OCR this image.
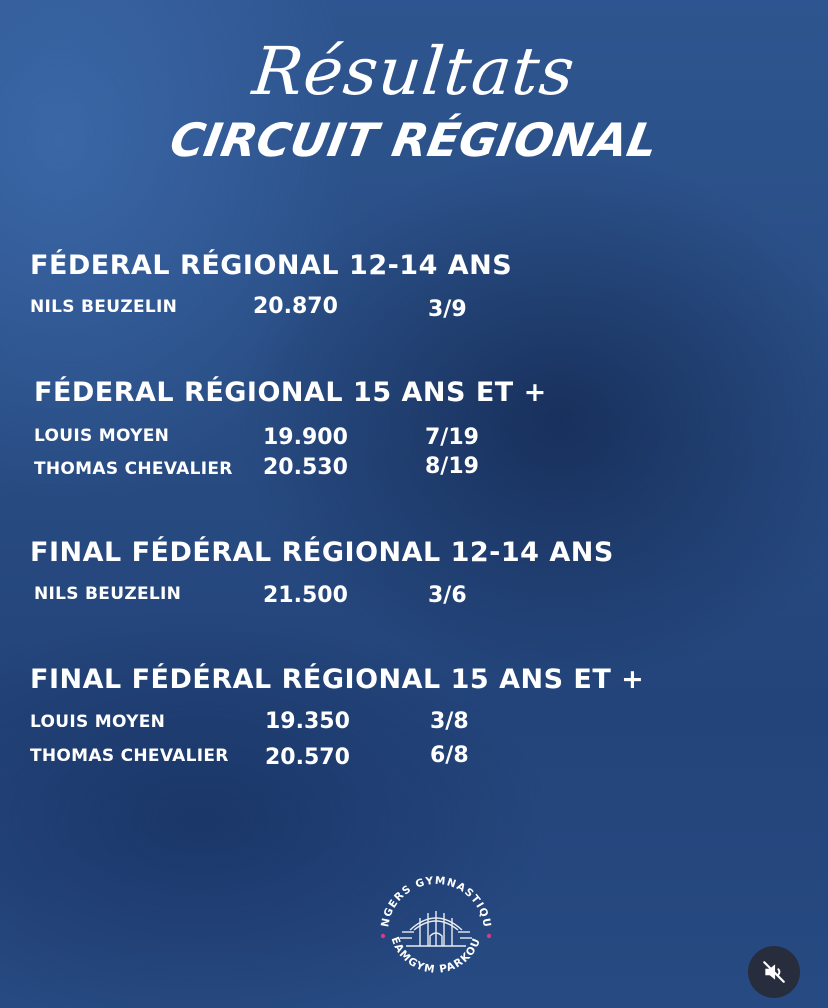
Résultats
CIRCUIT RÉGIONAL
FÉDERAL RÉGIONAL 12-14 ANS
NILS BEUZELIN	20.870	3/9
FÉDERAL RÉGIONAL 15 ANS ET +
LOUIS MOYEN	19.900	7/19
THOMAS CHEVALIER 20.530	8/19
FINAL FÉDÉRAL RÉGIONAL 12-14 ANS
NILS BEUZELIN	21.500	3/6
FINAL FÉDÉRAL RÉGIONAL 15 ANS ET +
LOUIS MOYEN	19.350	3/8
THOMAS CHEVALIER 20.570	6/8
NGERS GYMNASTIQU
EAMGYM PARKOU
